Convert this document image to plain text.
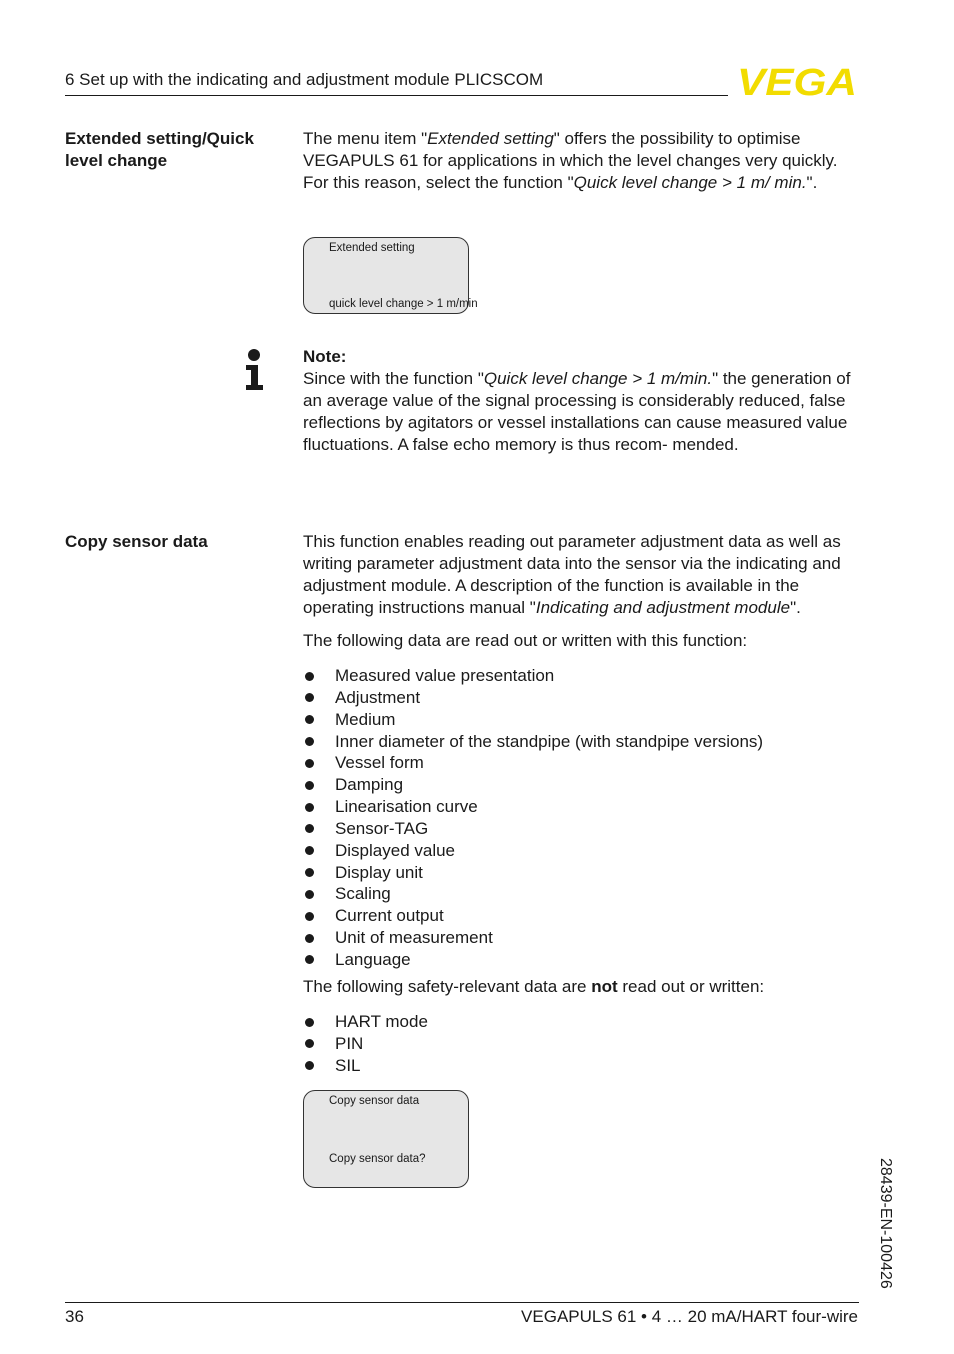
6 Set up with the indicating and adjustment module PLICSCOM	VEGA
Extended setting/Quick level change
The menu item "Extended setting" offers the possibility to optimise VEGAPULS 61 for applications in which the level changes very quickly. For this reason, select the function "Quick level change > 1 m/ min.".
Extended setting
quick level change > 1 m/min
Note:
Since with the function "Quick level change > 1 m/min." the generation of an average value of the signal processing is considerably reduced, false reflections by agitators or vessel installations can cause measured value fluctuations. A false echo memory is thus recom- mended.
Copy sensor data	This function enables reading out parameter adjustment data as well as writing parameter adjustment data into the sensor via the indicating and adjustment module. A description of the function is available in the operating instructions manual "Indicating and adjustment module".
The following data are read out or written with this function:
Measured value presentation
Adjustment
Medium
Inner diameter of the standpipe (with standpipe versions)
Vessel form
Damping
Linearisation curve
Sensor-TAG
Displayed value
Display unit
Scaling
Current output
Unit of measurement
Language
The following safety-relevant data are not read out or written:
HART mode
PIN
SIL
Copy sensor data
Copy sensor data?	28439-EN-100426
36	VEGAPULS 61 • 4 … 20 mA/HART four-wire
